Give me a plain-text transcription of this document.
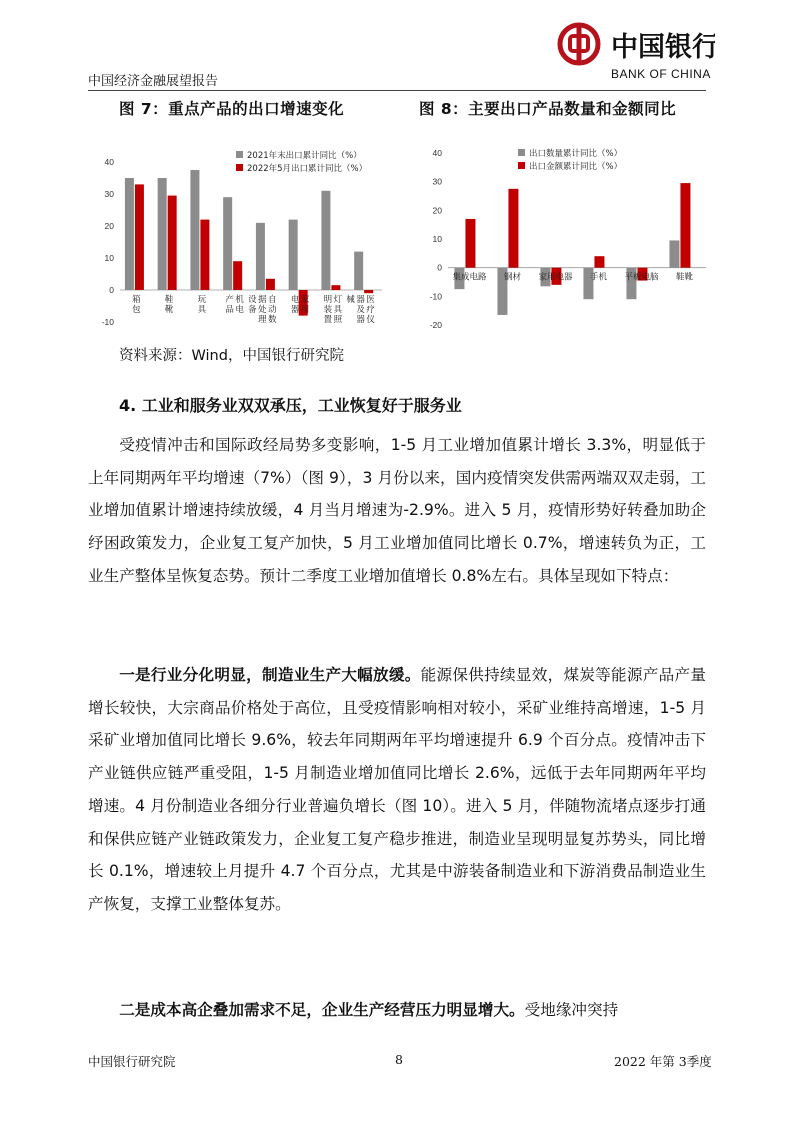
中国经济金融展望报告
中国银行
BANK OF CHINA
图 7：重点产品的出口增速变化	图 8：主要出口产品数量和金额同比
-10
0
10
20
30
40
箱
包
鞋
靴
玩
具
机
电
产
品
自
动
数
据
处
理
设
备
家
用
电
器
灯
具
照
明
装
置
医
疗
仪
器
及
器
械
2021年末出口累计同比（%）
2022年5月出口累计同比（%）
-20
-10
0
10
20
30
40
集成电路 钢材 家用电器 手机 平板电脑 鞋靴
出口数量累计同比（%）
出口金额累计同比（%）
资料来源：Wind，中国银行研究院
4. 工业和服务业双双承压，工业恢复好于服务业
受疫情冲击和国际政经局势多变影响，1-5 月工业增加值累计增长 3.3%，明显低于上年同期两年平均增速（7%）（图 9），3 月份以来，国内疫情突发供需两端双双走弱，工业增加值累计增速持续放缓，4 月当月增速为-2.9%。进入 5 月，疫情形势好转叠加助企纾困政策发力，企业复工复产加快，5 月工业增加值同比增长 0.7%，增速转负为正，工业生产整体呈恢复态势。预计二季度工业增加值增长 0.8%左右。具体呈现如下特点：
一是行业分化明显，制造业生产大幅放缓。能源保供持续显效，煤炭等能源产品产量增长较快，大宗商品价格处于高位，且受疫情影响相对较小，采矿业维持高增速，1-5 月采矿业增加值同比增长 9.6%，较去年同期两年平均增速提升 6.9 个百分点。疫情冲击下产业链供应链严重受阻，1-5 月制造业增加值同比增长 2.6%，远低于去年同期两年平均增速。4 月份制造业各细分行业普遍负增长（图 10）。进入 5 月，伴随物流堵点逐步打通和保供应链产业链政策发力，企业复工复产稳步推进，制造业呈现明显复苏势头，同比增长 0.1%，增速较上月提升 4.7 个百分点，尤其是中游装备制造业和下游消费品制造业生产恢复，支撑工业整体复苏。
二是成本高企叠加需求不足，企业生产经营压力明显增大。受地缘冲突持
中国银行研究院	8	2022 年第 3季度
